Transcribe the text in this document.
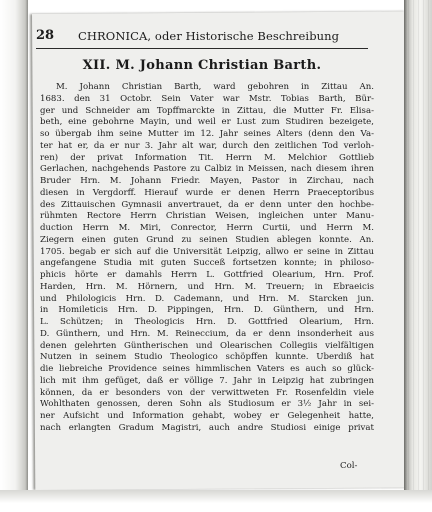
28 CHRONICA, oder Historische Beschreibung
XII. M. Johann Christian Barth.
M. Johann Christian Barth, ward gebohren in Zittau An.
1683. den 31 Octobr. Sein Vater war Mstr. Tobias Barth, Bür-
ger und Schneider am Topffmarckte in Zittau, die Mutter Fr. Elisa-
beth, eine gebohrne Mayin, und weil er Lust zum Studiren bezeigete,
so übergab ihm seine Mutter im 12. Jahr seines Alters (denn den Va-
ter hat er, da er nur 3. Jahr alt war, durch den zeitlichen Tod verloh-
ren) der privat Information Tit. Herrn M. Melchior Gottlieb
Gerlachen, nachgehends Pastore zu Calbiz in Meissen, nach diesem ihren
Bruder Hrn. M. Johann Friedr. Mayen, Pastor in Zirchau, nach
diesen in Vergdorff. Hierauf wurde er denen Herrn Praeceptoribus
des Zittauischen Gymnasii anvertrauet, da er denn unter den hochbe-
rühmten Rectore Herrn Christian Weisen, ingleichen unter Manu-
duction Herrn M. Miri, Conrector, Herrn Curtii, und Herrn M.
Ziegern einen guten Grund zu seinen Studien ablegen konnte. An.
1705. begab er sich auf die Universität Leipzig, allwo er seine in Zittau
angefangene Studia mit guten Succeß fortsetzen konnte; in philoso-
phicis hörte er damahls Herrn L. Gottfried Olearium, Hrn. Prof.
Harden, Hrn. M. Hörnern, und Hrn. M. Treuern; in Ebraeicis
und Philologicis Hrn. D. Cademann, und Hrn. M. Starcken jun.
in Homileticis Hrn. D. Pippingen, Hrn. D. Günthern, und Hrn.
L. Schützen; in Theologicis Hrn. D. Gottfried Olearium, Hrn.
D. Günthern, und Hrn. M. Reineccium, da er denn insonderheit aus
denen gelehrten Güntherischen und Olearischen Collegiis vielfältigen
Nutzen in seinem Studio Theologico schöpffen kunnte. Überdiß hat
die liebreiche Providence seines himmlischen Vaters es auch so glück-
lich mit ihm gefüget, daß er völlige 7. Jahr in Leipzig hat zubringen
können, da er besonders von der verwittweten Fr. Rosenfeldin viele
Wohlthaten genossen, deren Sohn als Studiosum er 3½ Jahr in sei-
ner Aufsicht und Information gehabt, wobey er Gelegenheit hatte,
nach erlangten Gradum Magistri, auch andre Studiosi einige privat
Col-
